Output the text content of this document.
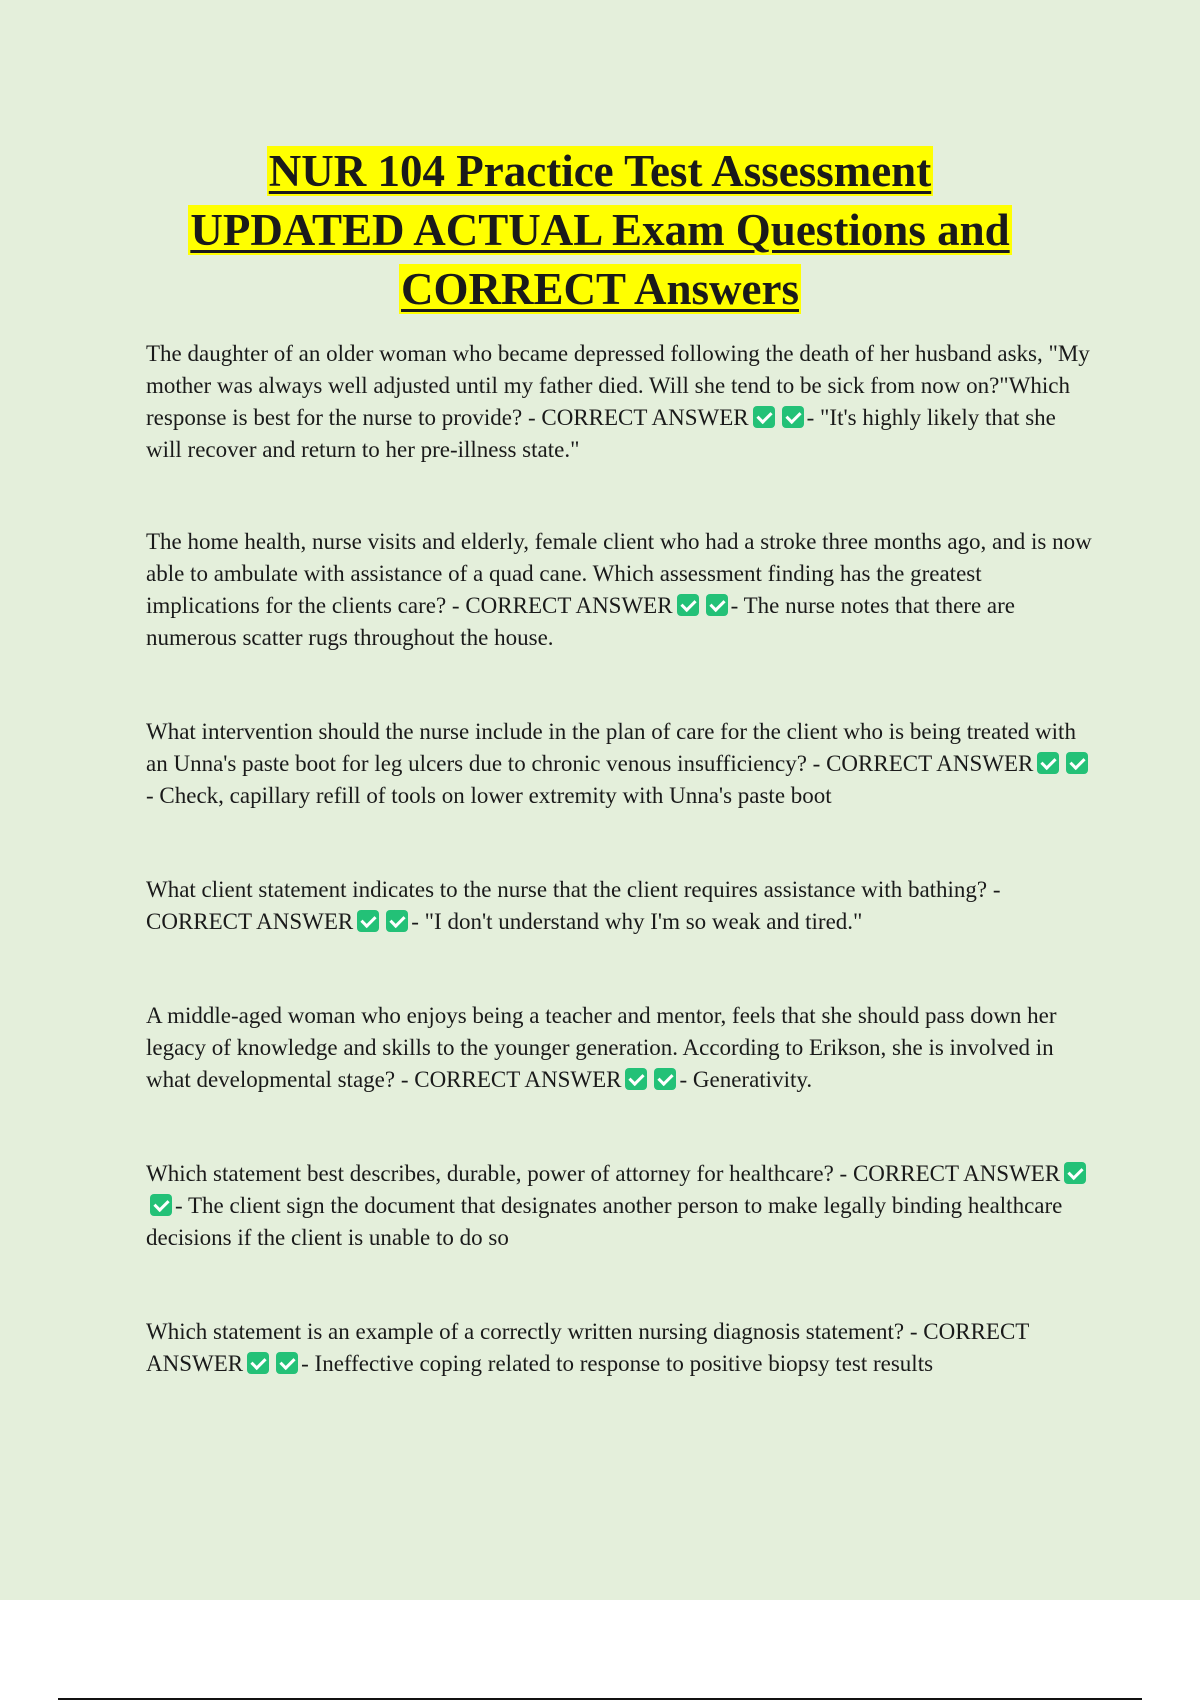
NUR 104 Practice Test Assessment
UPDATED ACTUAL Exam Questions and
CORRECT Answers

The daughter of an older woman who became depressed following the death of her husband asks, "My mother was always well adjusted until my father died. Will she tend to be sick from now on?"Which response is best for the nurse to provide? - CORRECT ANSWER	- "It's highly likely that she will recover and return to her pre-illness state."

The home health, nurse visits and elderly, female client who had a stroke three months ago, and is now able to ambulate with assistance of a quad cane. Which assessment finding has the greatest implications for the clients care? - CORRECT ANSWER	- The nurse notes that there are numerous scatter rugs throughout the house.

What intervention should the nurse include in the plan of care for the client who is being treated with an Unna's paste boot for leg ulcers due to chronic venous insufficiency? - CORRECT ANSWER- Check, capillary refill of tools on lower extremity with Unna's paste boot

What client statement indicates to the nurse that the client requires assistance with bathing? - CORRECT ANSWER	- "I don't understand why I'm so weak and tired."

A middle-aged woman who enjoys being a teacher and mentor, feels that she should pass down her legacy of knowledge and skills to the younger generation. According to Erikson, she is involved in what developmental stage? - CORRECT ANSWER	- Generativity.

Which statement best describes, durable, power of attorney for healthcare? - CORRECT ANSWER- The client sign the document that designates another person to make legally binding healthcare decisions if the client is unable to do so

Which statement is an example of a correctly written nursing diagnosis statement? - CORRECT ANSWER	- Ineffective coping related to response to positive biopsy test results
